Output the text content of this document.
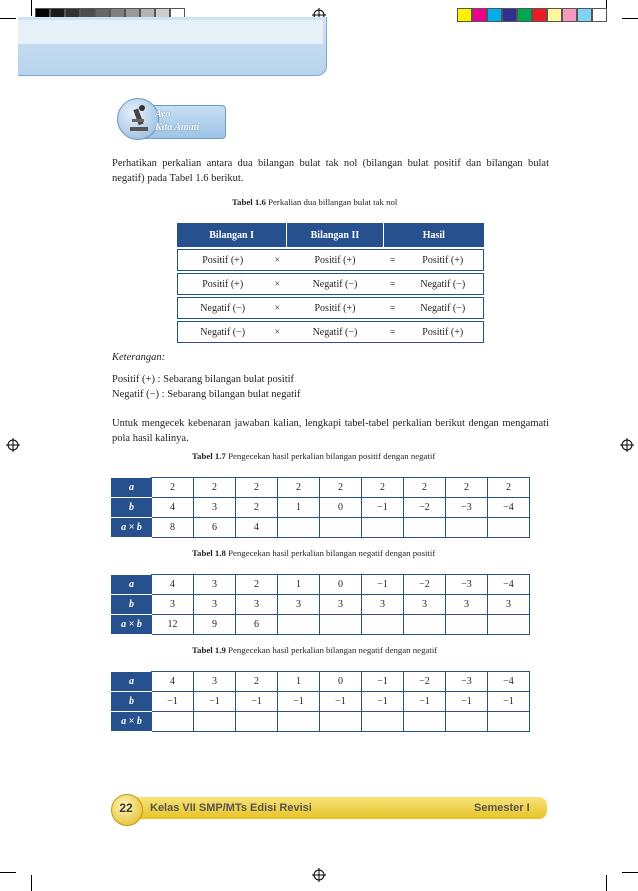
Ayo
Kita Amati

Perhatikan perkalian antara dua bilangan bulat tak nol (bilangan bulat positif dan bilangan bulat negatif) pada Tabel 1.6 berikut.

Tabel 1.6 Perkalian dua billangan bulat tak nol
Bilangan I	Bilangan II	Hasil
Positif (+)	×	Positif (+)	=	Positif (+)
Positif (+)	×	Negatif (−)	=	Negatif (−)
Negatif (−)	×	Positif (+)	=	Negatif (−)
Negatif (−)	×	Negatif (−)	=	Positif (+)

Keterangan:

Positif (+) : Sebarang bilangan bulat positif

Negatif (−) : Sebarang bilangan bulat negatif

Untuk mengecek kebenaran jawaban kalian, lengkapi tabel-tabel perkalian berikut dengan mengamati pola hasil kalinya.

Tabel 1.7 Pengecekan hasil perkalian bilangan positif dengan negatif
a	2	2	2	2	2	2	2	2	2
b	4	3	2	1	0	−1	−2	−3	−4
a × b	8	6	4						
Tabel 1.8 Pengecekan hasil perkalian bilangan negatif dengan positif
a	4	3	2	1	0	−1	−2	−3	−4
b	3	3	3	3	3	3	3	3	3
a × b	12	9	6						
Tabel 1.9 Pengecekan hasil perkalian bilangan negatif dengan negatif
a	4	3	2	1	0	−1	−2	−3	−4
b	−1	−1	−1	−1	−1	−1	−1	−1	−1
a × b									
22	Kelas VII SMP/MTs Edisi Revisi	Semester I
